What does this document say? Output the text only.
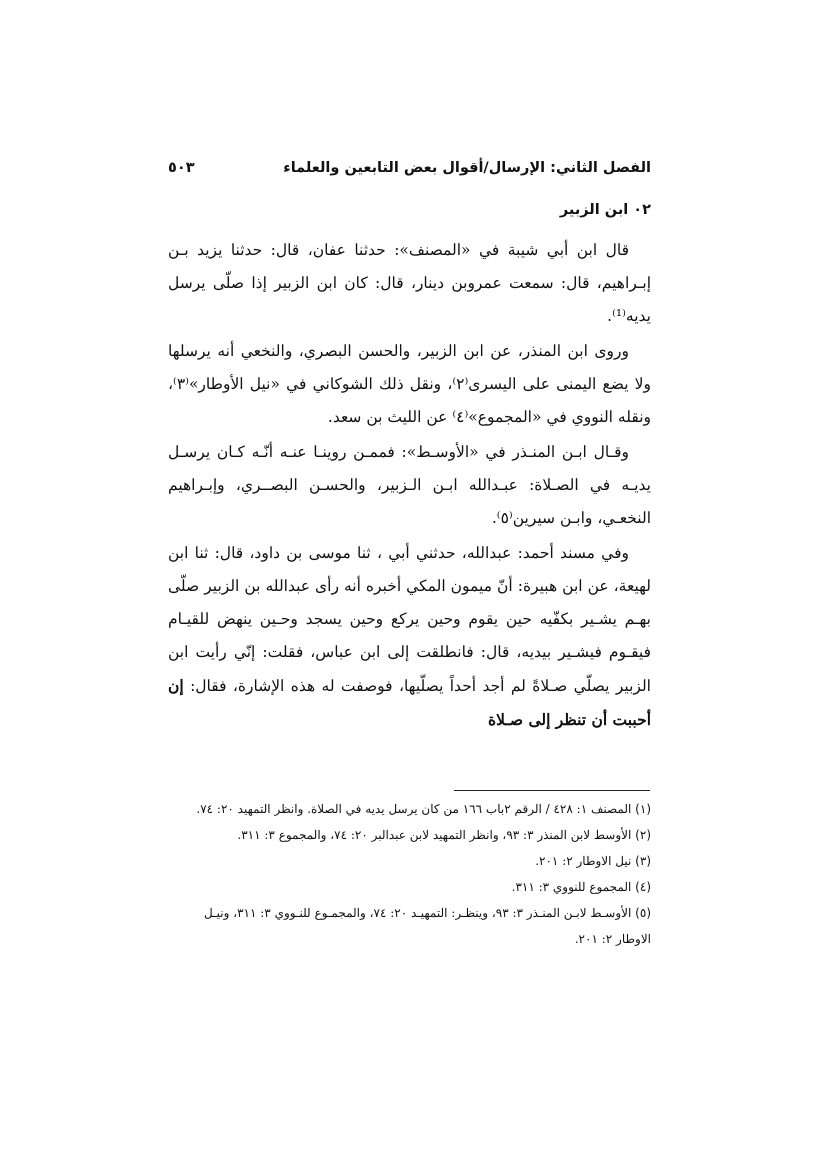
الفصل الثاني: الإرسال/أقوال بعض التابعين والعلماء
٥٠٣
٠٢ ابن الزبير

قال ابن أبي شيبة في «المصنف»: حدثنا عفان، قال: حدثنا يزيد بـن إبـراهيم، قال: سمعت عمروبن دينار، قال: كان ابن الزبير إذا صلّى يرسل يديه⁽¹⁾.

وروى ابن المنذر، عن ابن الزبير، والحسن البصري، والنخعي أنه يرسلها ولا يضع اليمنى على اليسرى⁽٢⁾، ونقل ذلك الشوكاني في «نيل الأوطار»⁽٣⁾، ونقله النووي في «المجموع»⁽٤⁾ عن الليث بن سعد.

وقـال ابـن المنـذر في «الأوسـط»: فممـن روينـا عنـه أنّـه كـان يرسـل يديـه في الصـلاة: عبـدالله ابـن الـزبير، والحسـن البصــري، وإبـراهيم النخعـي، وابـن سيرين⁽٥⁾.

وفي مسند أحمد: عبدالله، حدثني أبي ، ثنا موسى بن داود، قال: ثنا ابن لهيعة، عن ابن هبيرة: أنّ ميمون المكي أخبره أنه رأى عبدالله بن الزبير صلّى بهـم يشـير بكفّيه حين يقوم وحين يركع وحين يسجد وحـين ينهض للقيـام فيقـوم فيشـير بيديه، قال: فانطلقت إلى ابن عباس، فقلت: إنّي رأيت ابن الزبير يصلّي صـلاةً لم أجد أحداً يصلّيها، فوصفت له هذه الإشارة، فقال: إن أحببت أن تنظر إلى صـلاة

(١) المصنف ١: ٤٢٨ / الرقم ٢باب ١٦٦ من كان يرسل يديه في الصلاة. وانظر التمهيد ٢٠: ٧٤.

(٢) الأوسط لابن المنذر ٣: ٩٣، وانظر التمهيد لابن عبدالبر ٢٠: ٧٤، والمجموع ٣: ٣١١.

(٣) نيل الاوطار ٢: ٢٠١.

(٤) المجموع للنووي ٣: ٣١١.

(٥) الأوسـط لابـن المنـذر ٣: ٩٣، وينظـر: التمهيـد ٢٠: ٧٤، والمجمـوع للنـووي ٣: ٣١١، ونيـل الاوطار ٢: ٢٠١.
